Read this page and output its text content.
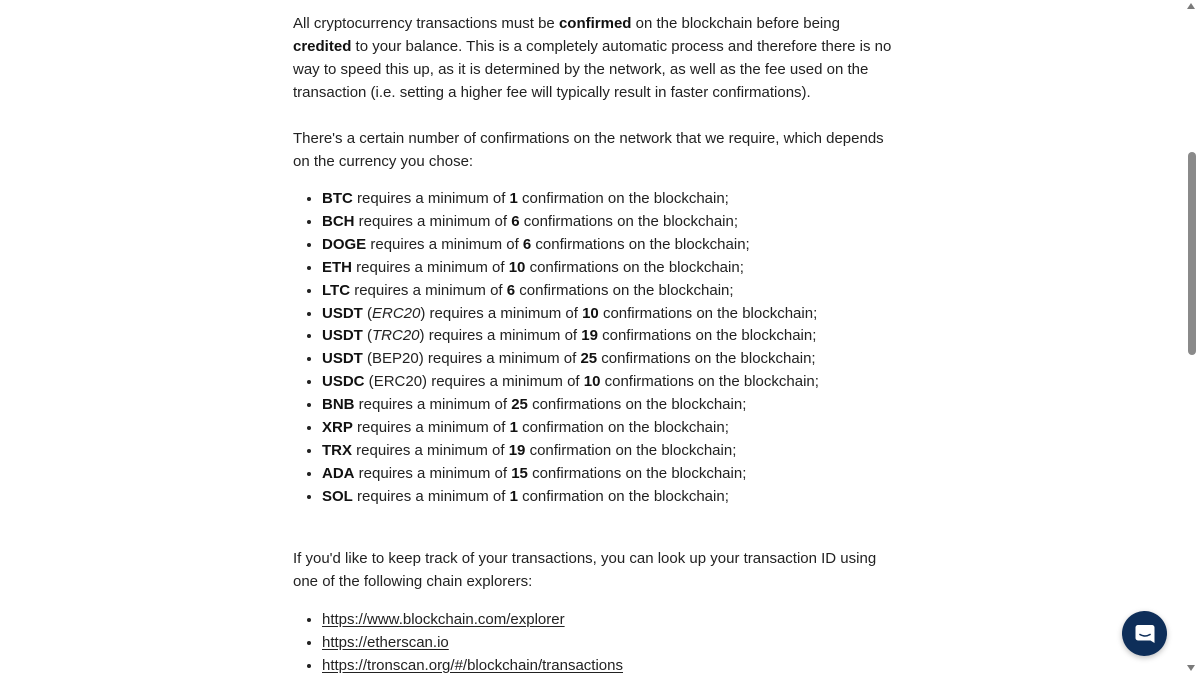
All cryptocurrency transactions must be confirmed on the blockchain before being credited to your balance. This is a completely automatic process and therefore there is no way to speed this up, as it is determined by the network, as well as the fee used on the transaction (i.e. setting a higher fee will typically result in faster confirmations).

There's a certain number of confirmations on the network that we require, which depends on the currency you chose:

• BTC requires a minimum of 1 confirmation on the blockchain;
• BCH requires a minimum of 6 confirmations on the blockchain;
• DOGE requires a minimum of 6 confirmations on the blockchain;
• ETH requires a minimum of 10 confirmations on the blockchain;
• LTC requires a minimum of 6 confirmations on the blockchain;
• USDT (ERC20) requires a minimum of 10 confirmations on the blockchain;
• USDT (TRC20) requires a minimum of 19 confirmations on the blockchain;
• USDT (BEP20) requires a minimum of 25 confirmations on the blockchain;
• USDC (ERC20) requires a minimum of 10 confirmations on the blockchain;
• BNB requires a minimum of 25 confirmations on the blockchain;
• XRP requires a minimum of 1 confirmation on the blockchain;
• TRX requires a minimum of 19 confirmation on the blockchain;
• ADA requires a minimum of 15 confirmations on the blockchain;
• SOL requires a minimum of 1 confirmation on the blockchain;

If you'd like to keep track of your transactions, you can look up your transaction ID using one of the following chain explorers:

• https://www.blockchain.com/explorer
• https://etherscan.io
• https://tronscan.org/#/blockchain/transactions
